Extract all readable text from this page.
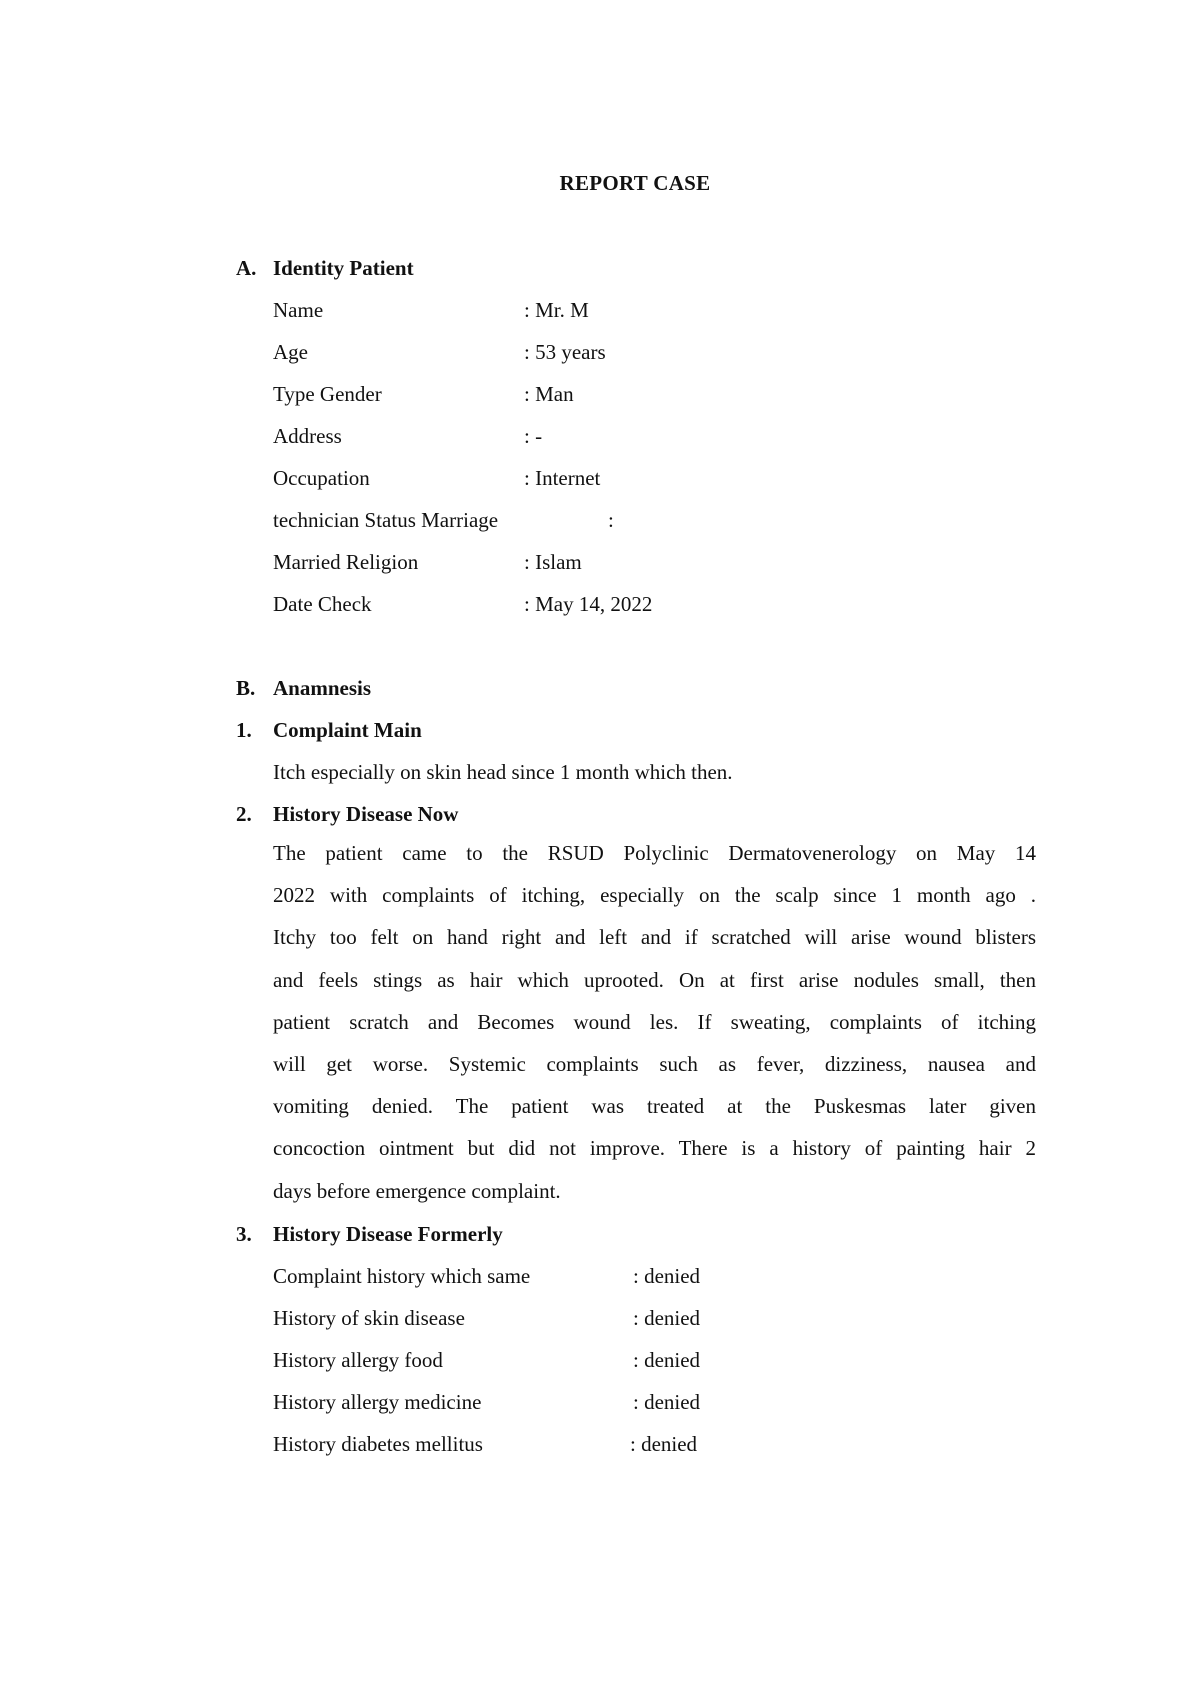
REPORT CASE
A. Identity Patient
Name	: Mr. M
Age	: 53 years
Type Gender	: Man
Address	: -
Occupation	: Internet
technician Status Marriage	:
Married Religion	: Islam
Date Check	: May 14, 2022
B. Anamnesis
1. Complaint Main
Itch especially on skin head since 1 month which then.
2. History Disease Now
The patient came to the RSUD Polyclinic Dermatovenerology on May 14
2022 with complaints of itching, especially on the scalp since 1 month ago .
Itchy too felt on hand right and left and if scratched will arise wound blisters
and feels stings as hair which uprooted. On at first arise nodules small, then
patient scratch and Becomes wound les. If sweating, complaints of itching
will get worse. Systemic complaints such as fever, dizziness, nausea and
vomiting denied. The patient was treated at the Puskesmas later given
concoction ointment but did not improve. There is a history of painting hair 2
days before emergence complaint.
3. History Disease Formerly
Complaint history which same	: denied
History of skin disease	: denied
History allergy food	: denied
History allergy medicine	: denied
History diabetes mellitus	: denied
